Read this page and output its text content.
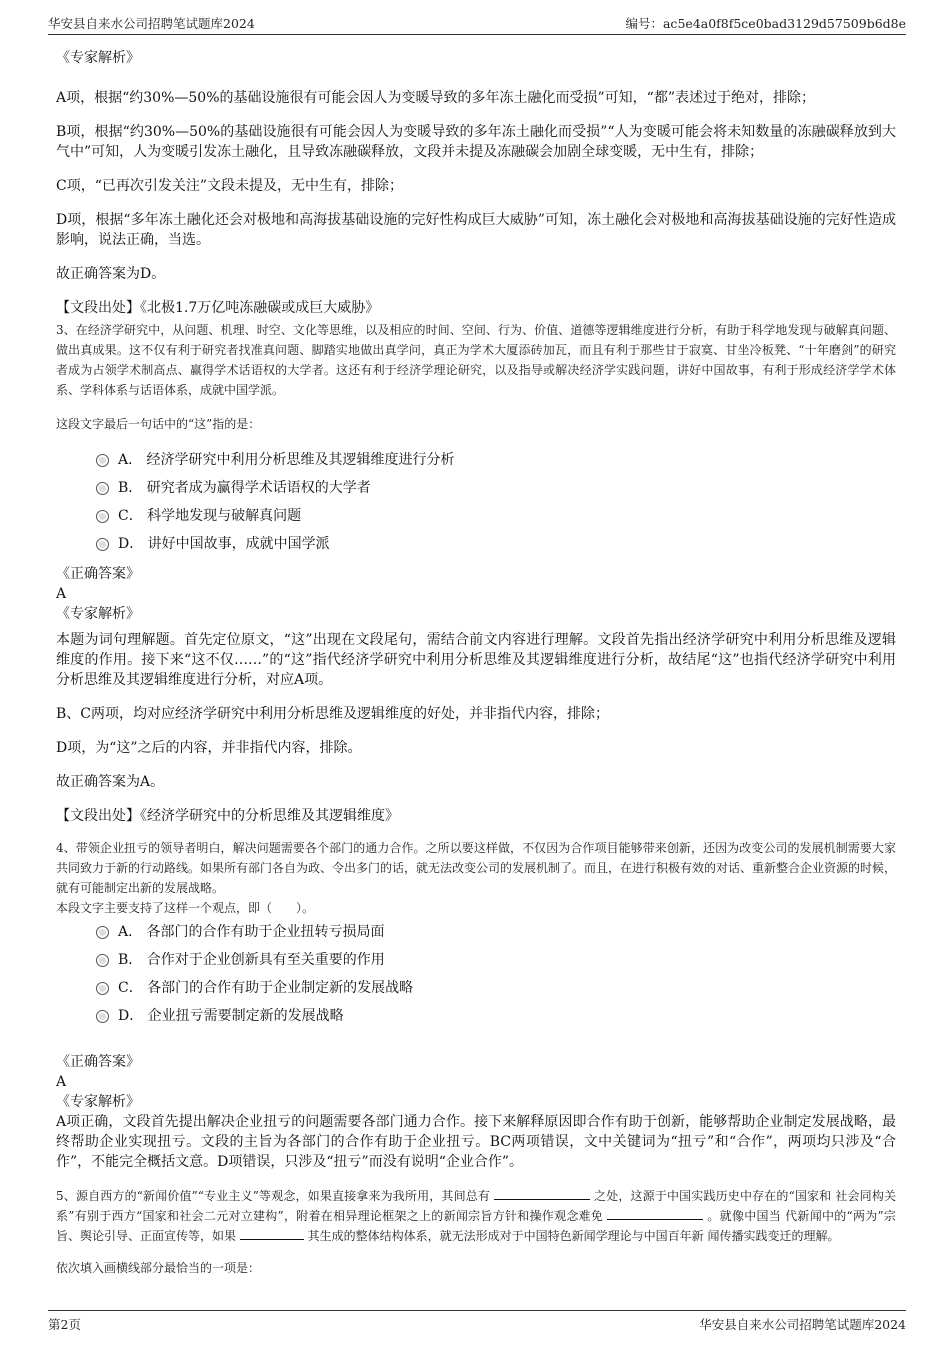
华安县自来水公司招聘笔试题库2024	编号：ac5e4a0f8f5ce0bad3129d57509b6d8e

《专家解析》

A项，根据“约30%—50%的基础设施很有可能会因人为变暖导致的多年冻土融化而受损”可知，“都”表述过于绝对，排除；

B项，根据“约30%—50%的基础设施很有可能会因人为变暖导致的多年冻土融化而受损”“人为变暖可能会将未知数量的冻融碳释放到大气中”可知，人为变暖引发冻土融化，且导致冻融碳释放，文段并未提及冻融碳会加剧全球变暖，无中生有，排除；

C项，“已再次引发关注”文段未提及，无中生有，排除；

D项，根据“多年冻土融化还会对极地和高海拔基础设施的完好性构成巨大威胁”可知，冻土融化会对极地和高海拔基础设施的完好性造成影响，说法正确，当选。

故正确答案为D。

【文段出处】《北极1.7万亿吨冻融碳或成巨大威胁》

3、在经济学研究中，从问题、机理、时空、文化等思维，以及相应的时间、空间、行为、价值、道德等逻辑维度进行分析，有助于科学地发现与破解真问题、做出真成果。这不仅有利于研究者找准真问题、脚踏实地做出真学问，真正为学术大厦添砖加瓦，而且有利于那些甘于寂寞、甘坐冷板凳、“十年磨剑”的研究者成为占领学术制高点、赢得学术话语权的大学者。这还有利于经济学理论研究，以及指导或解决经济学实践问题，讲好中国故事，有利于形成经济学学术体系、学科体系与话语体系，成就中国学派。

这段文字最后一句话中的“这”指的是：

A． 经济学研究中利用分析思维及其逻辑维度进行分析
B． 研究者成为赢得学术话语权的大学者
C． 科学地发现与破解真问题
D． 讲好中国故事，成就中国学派

《正确答案》

A

《专家解析》

本题为词句理解题。首先定位原文，“这”出现在文段尾句，需结合前文内容进行理解。文段首先指出经济学研究中利用分析思维及逻辑维度的作用。接下来“这不仅……”的“这”指代经济学研究中利用分析思维及其逻辑维度进行分析，故结尾“这”也指代经济学研究中利用分析思维及其逻辑维度进行分析，对应A项。

B、C两项，均对应经济学研究中利用分析思维及逻辑维度的好处，并非指代内容，排除；

D项，为“这”之后的内容，并非指代内容，排除。

故正确答案为A。

【文段出处】《经济学研究中的分析思维及其逻辑维度》

4、带领企业扭亏的领导者明白，解决问题需要各个部门的通力合作。之所以要这样做，不仅因为合作项目能够带来创新，还因为改变公司的发展机制需要大家共同致力于新的行动路线。如果所有部门各自为政、令出多门的话，就无法改变公司的发展机制了。而且，在进行积极有效的对话、重新整合企业资源的时候，就有可能制定出新的发展战略。

本段文字主要支持了这样一个观点，即（　　）。

A． 各部门的合作有助于企业扭转亏损局面
B． 合作对于企业创新具有至关重要的作用
C． 各部门的合作有助于企业制定新的发展战略
D． 企业扭亏需要制定新的发展战略

《正确答案》

A

《专家解析》

A项正确，文段首先提出解决企业扭亏的问题需要各部门通力合作。接下来解释原因即合作有助于创新，能够帮助企业制定发展战略，最终帮助企业实现扭亏。文段的主旨为各部门的合作有助于企业扭亏。BC两项错误，文中关键词为“扭亏”和“合作”，两项均只涉及“合作”，不能完全概括文意。D项错误，只涉及“扭亏”而没有说明“企业合作”。

5、源自西方的“新闻价值”“专业主义”等观念，如果直接拿来为我所用，其间总有	之处，这源于中国实践历史中存在的“国家和 社会同构关系”有别于西方“国家和社会二元对立建构”，附着在相异理论框架之上的新闻宗旨方针和操作观念难免	。就像中国当 代新闻中的“两为”宗旨、舆论引导、正面宣传等，如果	其生成的整体结构体系，就无法形成对于中国特色新闻学理论与中国百年新 闻传播实践变迁的理解。

依次填入画横线部分最恰当的一项是：

第2页	华安县自来水公司招聘笔试题库2024
